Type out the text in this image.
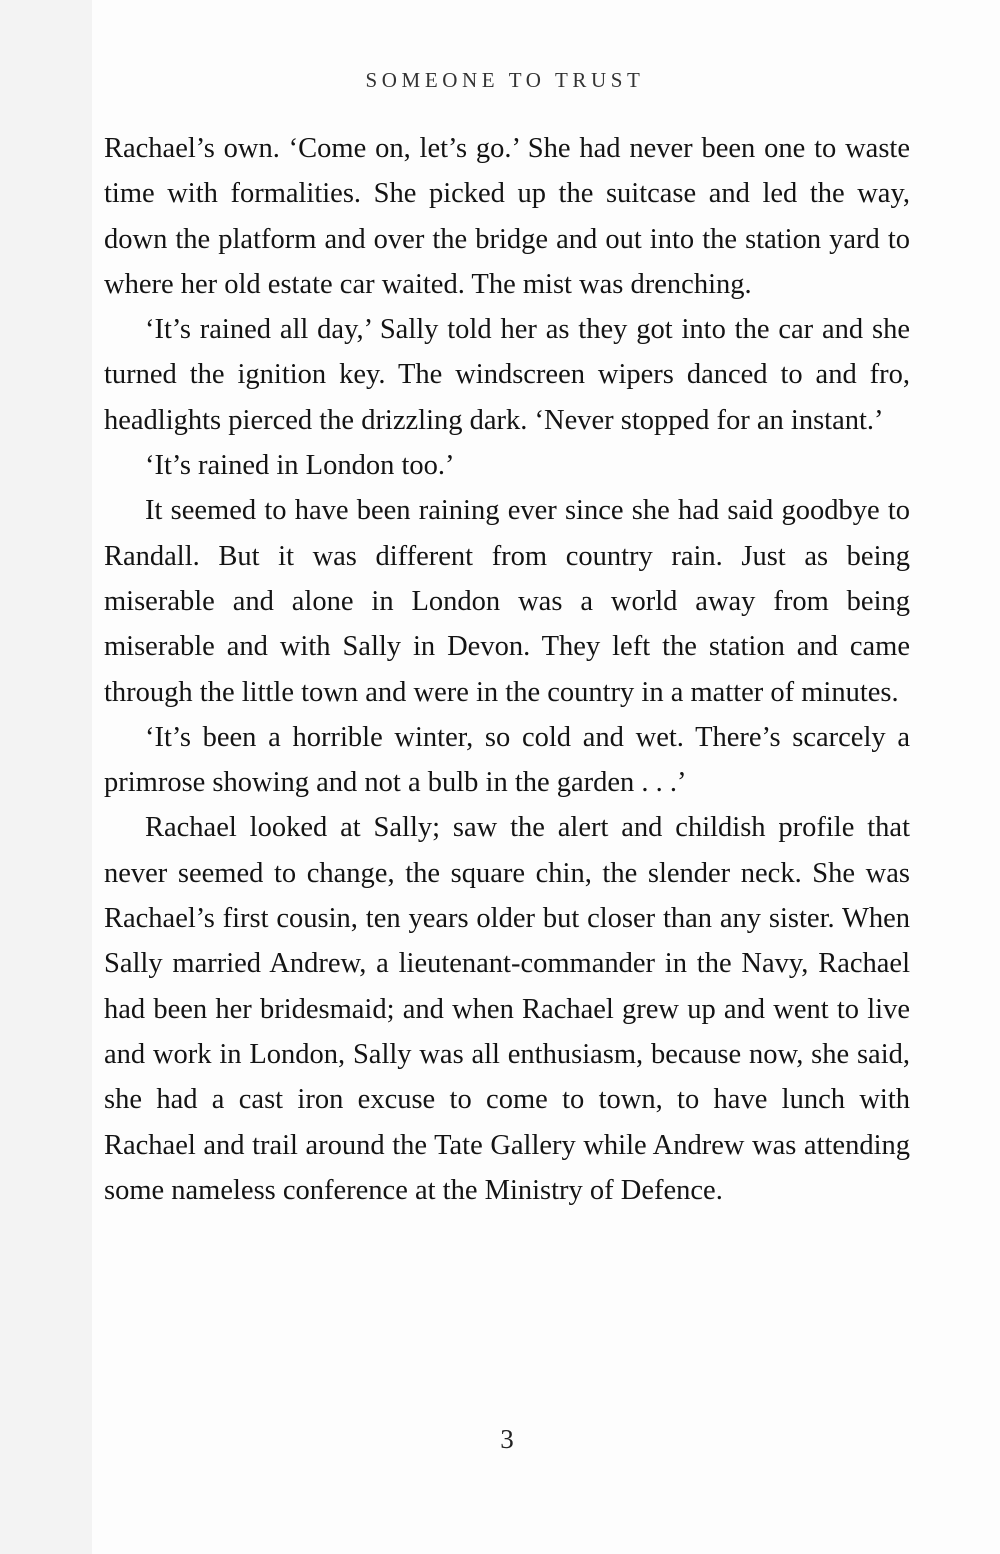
SOMEONE TO TRUST

Rachael’s own. ‘Come on, let’s go.’ She had never been one to waste time with formalities. She picked up the suitcase and led the way, down the platform and over the bridge and out into the station yard to where her old estate car waited. The mist was drenching.

‘It’s rained all day,’ Sally told her as they got into the car and she turned the ignition key. The windscreen wipers danced to and fro, headlights pierced the drizzling dark. ‘Never stopped for an instant.’

‘It’s rained in London too.’

It seemed to have been raining ever since she had said goodbye to Randall. But it was different from country rain. Just as being miserable and alone in London was a world away from being miserable and with Sally in Devon. They left the station and came through the little town and were in the country in a matter of minutes.

‘It’s been a horrible winter, so cold and wet. There’s scarcely a primrose showing and not a bulb in the garden . . .’

Rachael looked at Sally; saw the alert and childish profile that never seemed to change, the square chin, the slender neck. She was Rachael’s first cousin, ten years older but closer than any sister. When Sally married Andrew, a lieutenant-commander in the Navy, Rachael had been her bridesmaid; and when Rachael grew up and went to live and work in London, Sally was all enthusiasm, because now, she said, she had a cast iron excuse to come to town, to have lunch with Rachael and trail around the Tate Gallery while Andrew was attending some nameless conference at the Ministry of Defence.

3
